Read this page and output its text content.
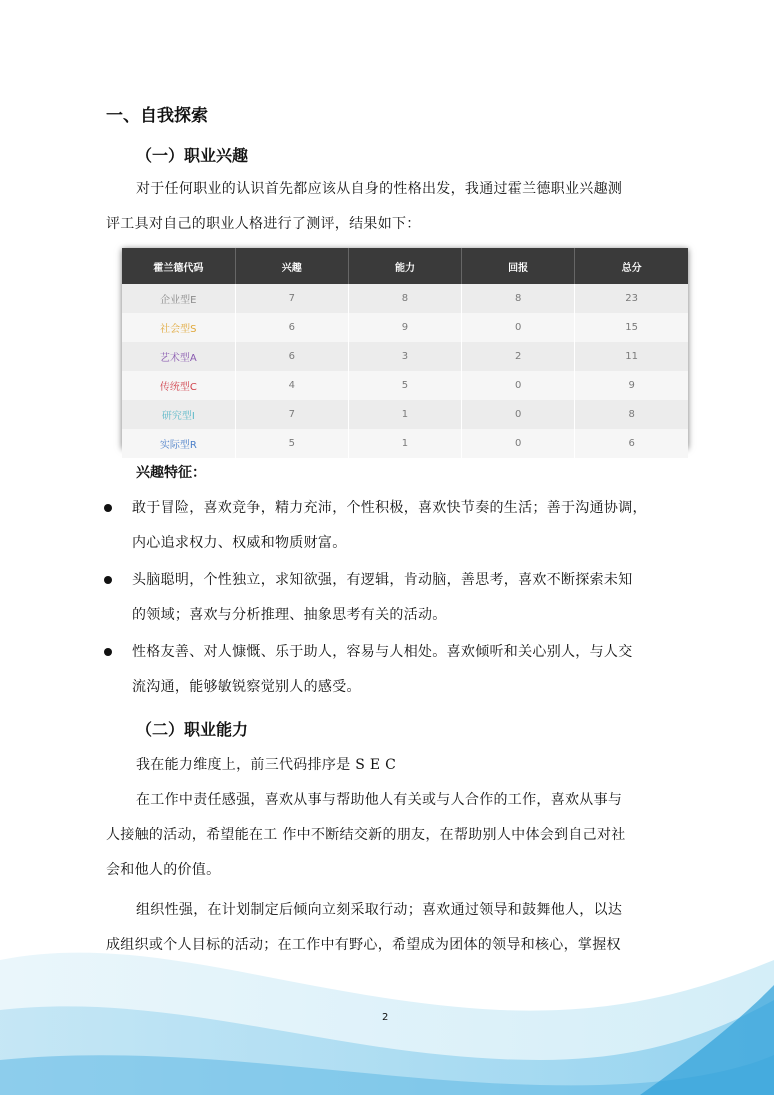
一、自我探索
（一）职业兴趣
对于任何职业的认识首先都应该从自身的性格出发，我通过霍兰德职业兴趣测
评工具对自己的职业人格进行了测评，结果如下：
霍兰德代码	兴趣	能力	回报	总分
企业型E	7	8	8	23
社会型S	6	9	0	15
艺术型A	6	3	2	11
传统型C	4	5	0	9
研究型I	7	1	0	8
实际型R	5	1	0	6
兴趣特征：
敢于冒险，喜欢竞争，精力充沛，个性积极，喜欢快节奏的生活；善于沟通协调，
内心追求权力、权威和物质财富。
头脑聪明，个性独立，求知欲强，有逻辑，肯动脑，善思考，喜欢不断探索未知
的领域；喜欢与分析推理、抽象思考有关的活动。
性格友善、对人慷慨、乐于助人，容易与人相处。喜欢倾听和关心别人，与人交
流沟通，能够敏锐察觉别人的感受。
（二）职业能力
我在能力维度上，前三代码排序是 S E C
在工作中责任感强，喜欢从事与帮助他人有关或与人合作的工作，喜欢从事与
人接触的活动，希望能在工 作中不断结交新的朋友，在帮助别人中体会到自己对社
会和他人的价值。
组织性强，在计划制定后倾向立刻采取行动；喜欢通过领导和鼓舞他人，以达
成组织或个人目标的活动；在工作中有野心，希望成为团体的领导和核心，掌握权
2
